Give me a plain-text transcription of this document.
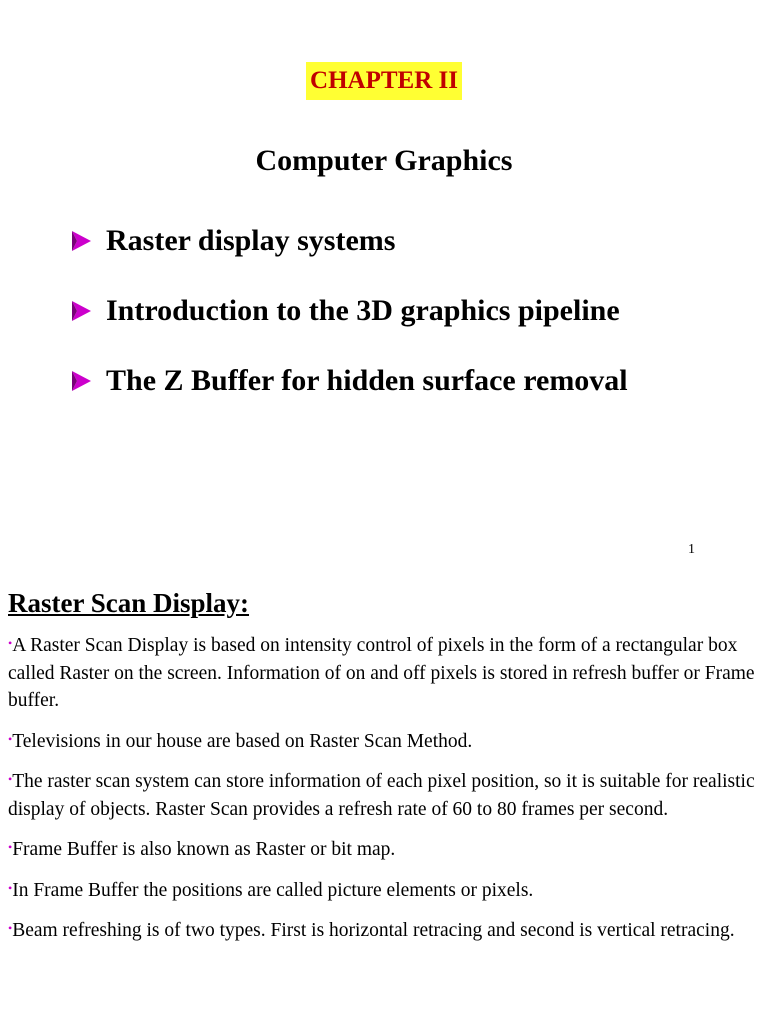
CHAPTER II
Computer Graphics
Raster display systems
Introduction to the 3D graphics pipeline
The Z Buffer for hidden surface removal
1
Raster Scan Display:

•A Raster Scan Display is based on intensity control of pixels in the form of a rectangular box called Raster on the screen. Information of on and off pixels is stored in refresh buffer or Frame buffer.

•Televisions in our house are based on Raster Scan Method.

•The raster scan system can store information of each pixel position, so it is suitable for realistic display of objects. Raster Scan provides a refresh rate of 60 to 80 frames per second.

•Frame Buffer is also known as Raster or bit map.

•In Frame Buffer the positions are called picture elements or pixels.

•Beam refreshing is of two types. First is horizontal retracing and second is vertical retracing.
